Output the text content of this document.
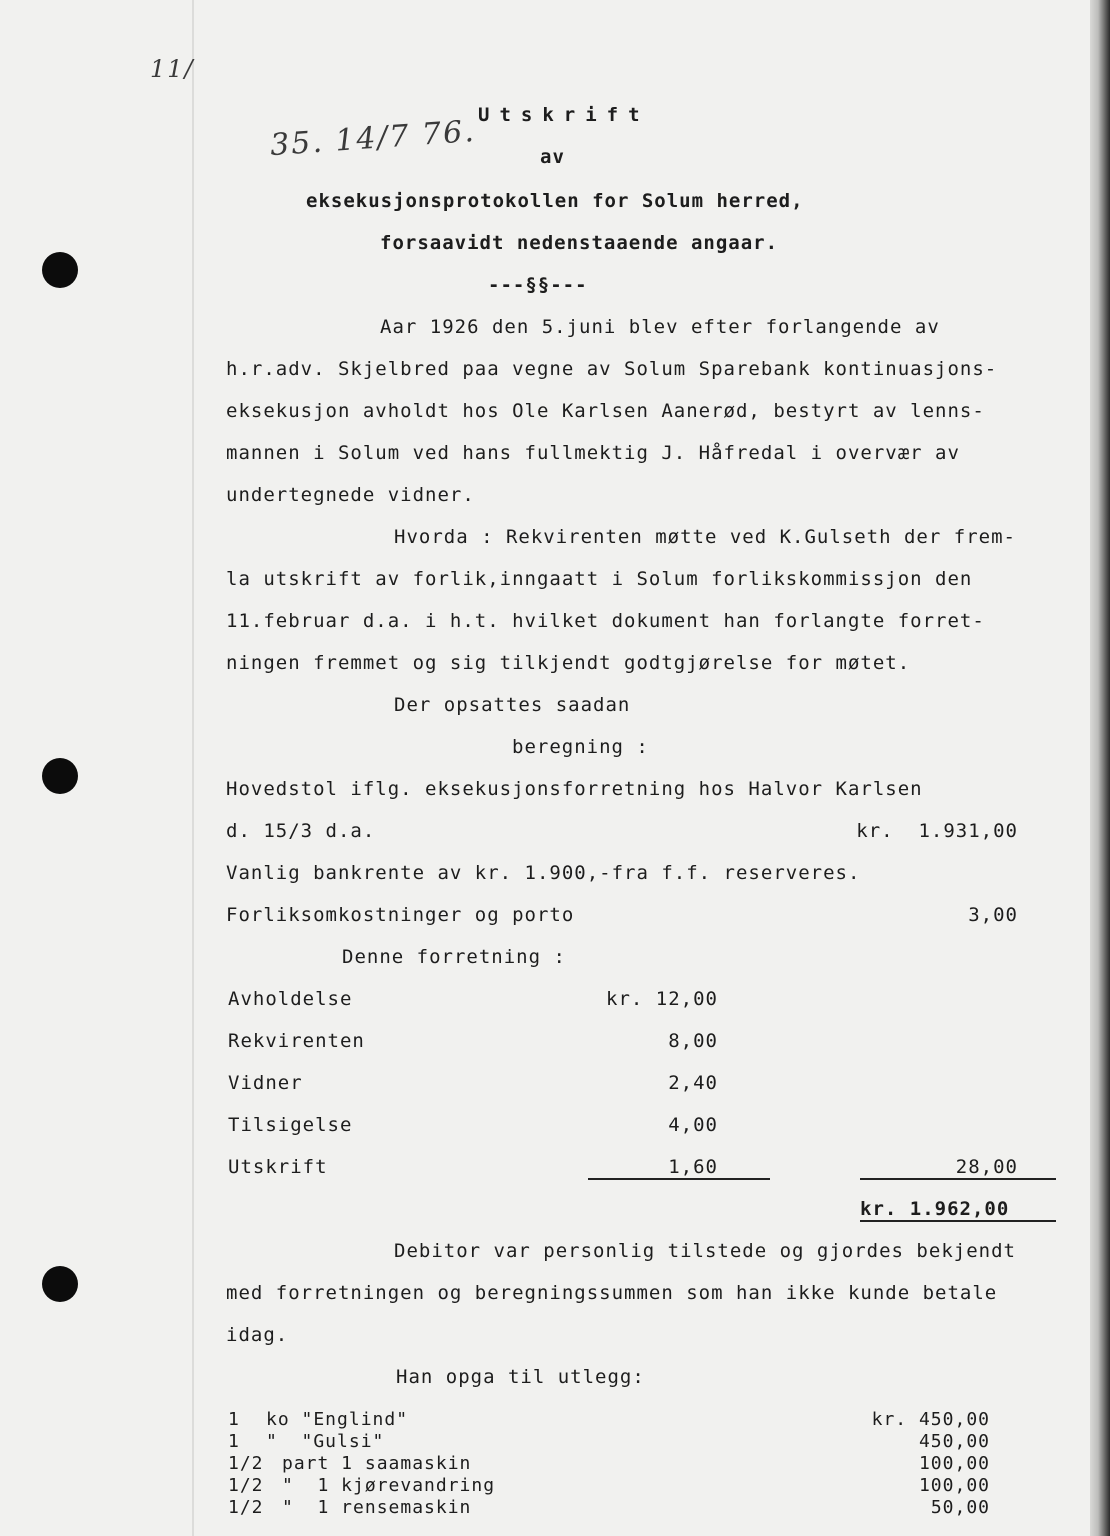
11/
35. 14/7 76. Utskrift
av
eksekusjonsprotokollen for Solum herred,
forsaavidt nedenstaaende angaar.
---§§---
Aar 1926 den 5.juni blev efter forlangende av
h.r.adv. Skjelbred paa vegne av Solum Sparebank kontinuasjons-
eksekusjon avholdt hos Ole Karlsen Aanerød, bestyrt av lenns-
mannen i Solum ved hans fullmektig J. Håfredal i overvær av
undertegnede vidner.
Hvorda : Rekvirenten møtte ved K.Gulseth der frem-
la utskrift av forlik,inngaatt i Solum forlikskommissjon den
11.februar d.a. i h.t. hvilket dokument han forlangte forret-
ningen fremmet og sig tilkjendt godtgjørelse for møtet.
Der opsattes saadan
beregning :
Hovedstol iflg. eksekusjonsforretning hos Halvor Karlsen
d. 15/3 d.a.	kr.  1.931,00
Vanlig bankrente av kr. 1.900,-fra f.f. reserveres.
Forliksomkostninger og porto	3,00
Denne forretning :
Avholdelse	kr. 12,00
Rekvirenten	8,00
Vidner	2,40
Tilsigelse	4,00
Utskrift	1,60	28,00
kr. 1.962,00
Debitor var personlig tilstede og gjordes bekjendt
med forretningen og beregningssummen som han ikke kunde betale
idag.
Han opga til utlegg:
1 ko "Englind"	kr. 450,00
1 "  "Gulsi"	450,00
1/2 part 1 saamaskin	100,00
1/2 "  1 kjørevandring	100,00
1/2 "  1 rensemaskin	50,00
